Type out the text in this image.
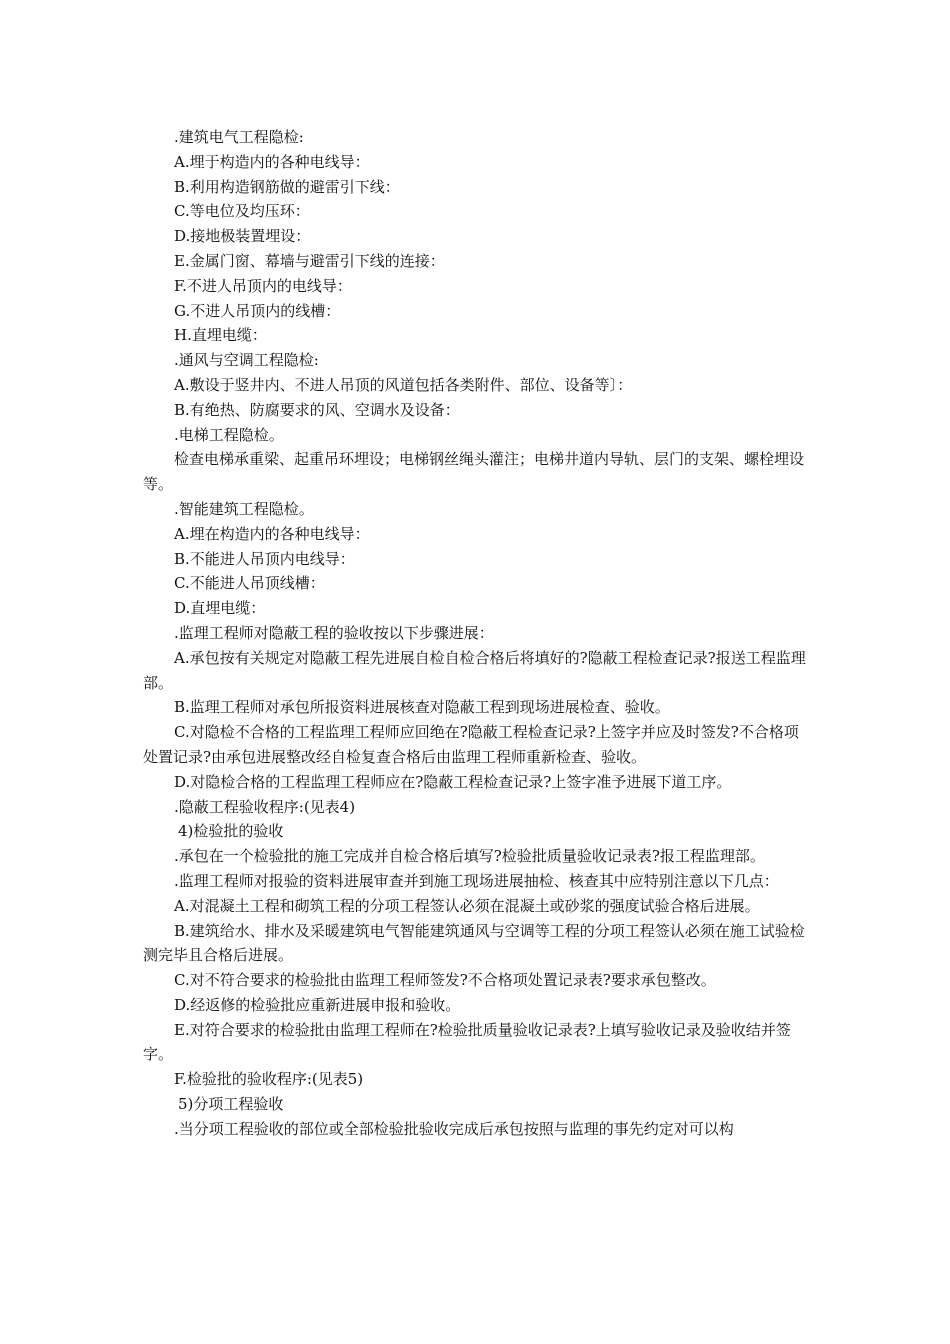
.建筑电气工程隐检:

A.埋于构造内的各种电线导：

B.利用构造钢筋做的避雷引下线：

C.等电位及均压环：

D.接地极装置埋设：

E.金属门窗、幕墙与避雷引下线的连接：

F.不进人吊顶内的电线导：

G.不进人吊顶内的线槽：

H.直埋电缆：

.通风与空调工程隐检:

A.敷设于竖井内、不进人吊顶的风道包括各类附件、部位、设备等〕：

B.有绝热、防腐要求的风、空调水及设备：

.电梯工程隐检。

检查电梯承重梁、起重吊环埋设；电梯钢丝绳头灌注；电梯井道内导轨、层门的支架、螺栓埋设等。

.智能建筑工程隐检。

A.埋在构造内的各种电线导：

B.不能进人吊顶内电线导：

C.不能进人吊顶线槽：

D.直埋电缆：

.监理工程师对隐蔽工程的验收按以下步骤进展：

A.承包按有关规定对隐蔽工程先进展自检自检合格后将填好的?隐蔽工程检查记录?报送工程监理部。

B.监理工程师对承包所报资料进展核查对隐蔽工程到现场进展检查、验收。

C.对隐检不合格的工程监理工程师应回绝在?隐蔽工程检查记录?上签字并应及时签发?不合格项处置记录?由承包进展整改经自检复查合格后由监理工程师重新检查、验收。

D.对隐检合格的工程监理工程师应在?隐蔽工程检查记录?上签字准予进展下道工序。

.隐蔽工程验收程序:(见表4)

4)检验批的验收

.承包在一个检验批的施工完成并自检合格后填写?检验批质量验收记录表?报工程监理部。

.监理工程师对报验的资料进展审查并到施工现场进展抽检、核查其中应特别注意以下几点：

A.对混凝土工程和砌筑工程的分项工程签认必须在混凝土或砂浆的强度试验合格后进展。

B.建筑给水、排水及采暖建筑电气智能建筑通风与空调等工程的分项工程签认必须在施工试验检测完毕且合格后进展。

C.对不符合要求的检验批由监理工程师签发?不合格项处置记录表?要求承包整改。

D.经返修的检验批应重新进展申报和验收。

E.对符合要求的检验批由监理工程师在?检验批质量验收记录表?上填写验收记录及验收结并签字。

F.检验批的验收程序:(见表5)

5)分项工程验收

.当分项工程验收的部位或全部检验批验收完成后承包按照与监理的事先约定对可以构
